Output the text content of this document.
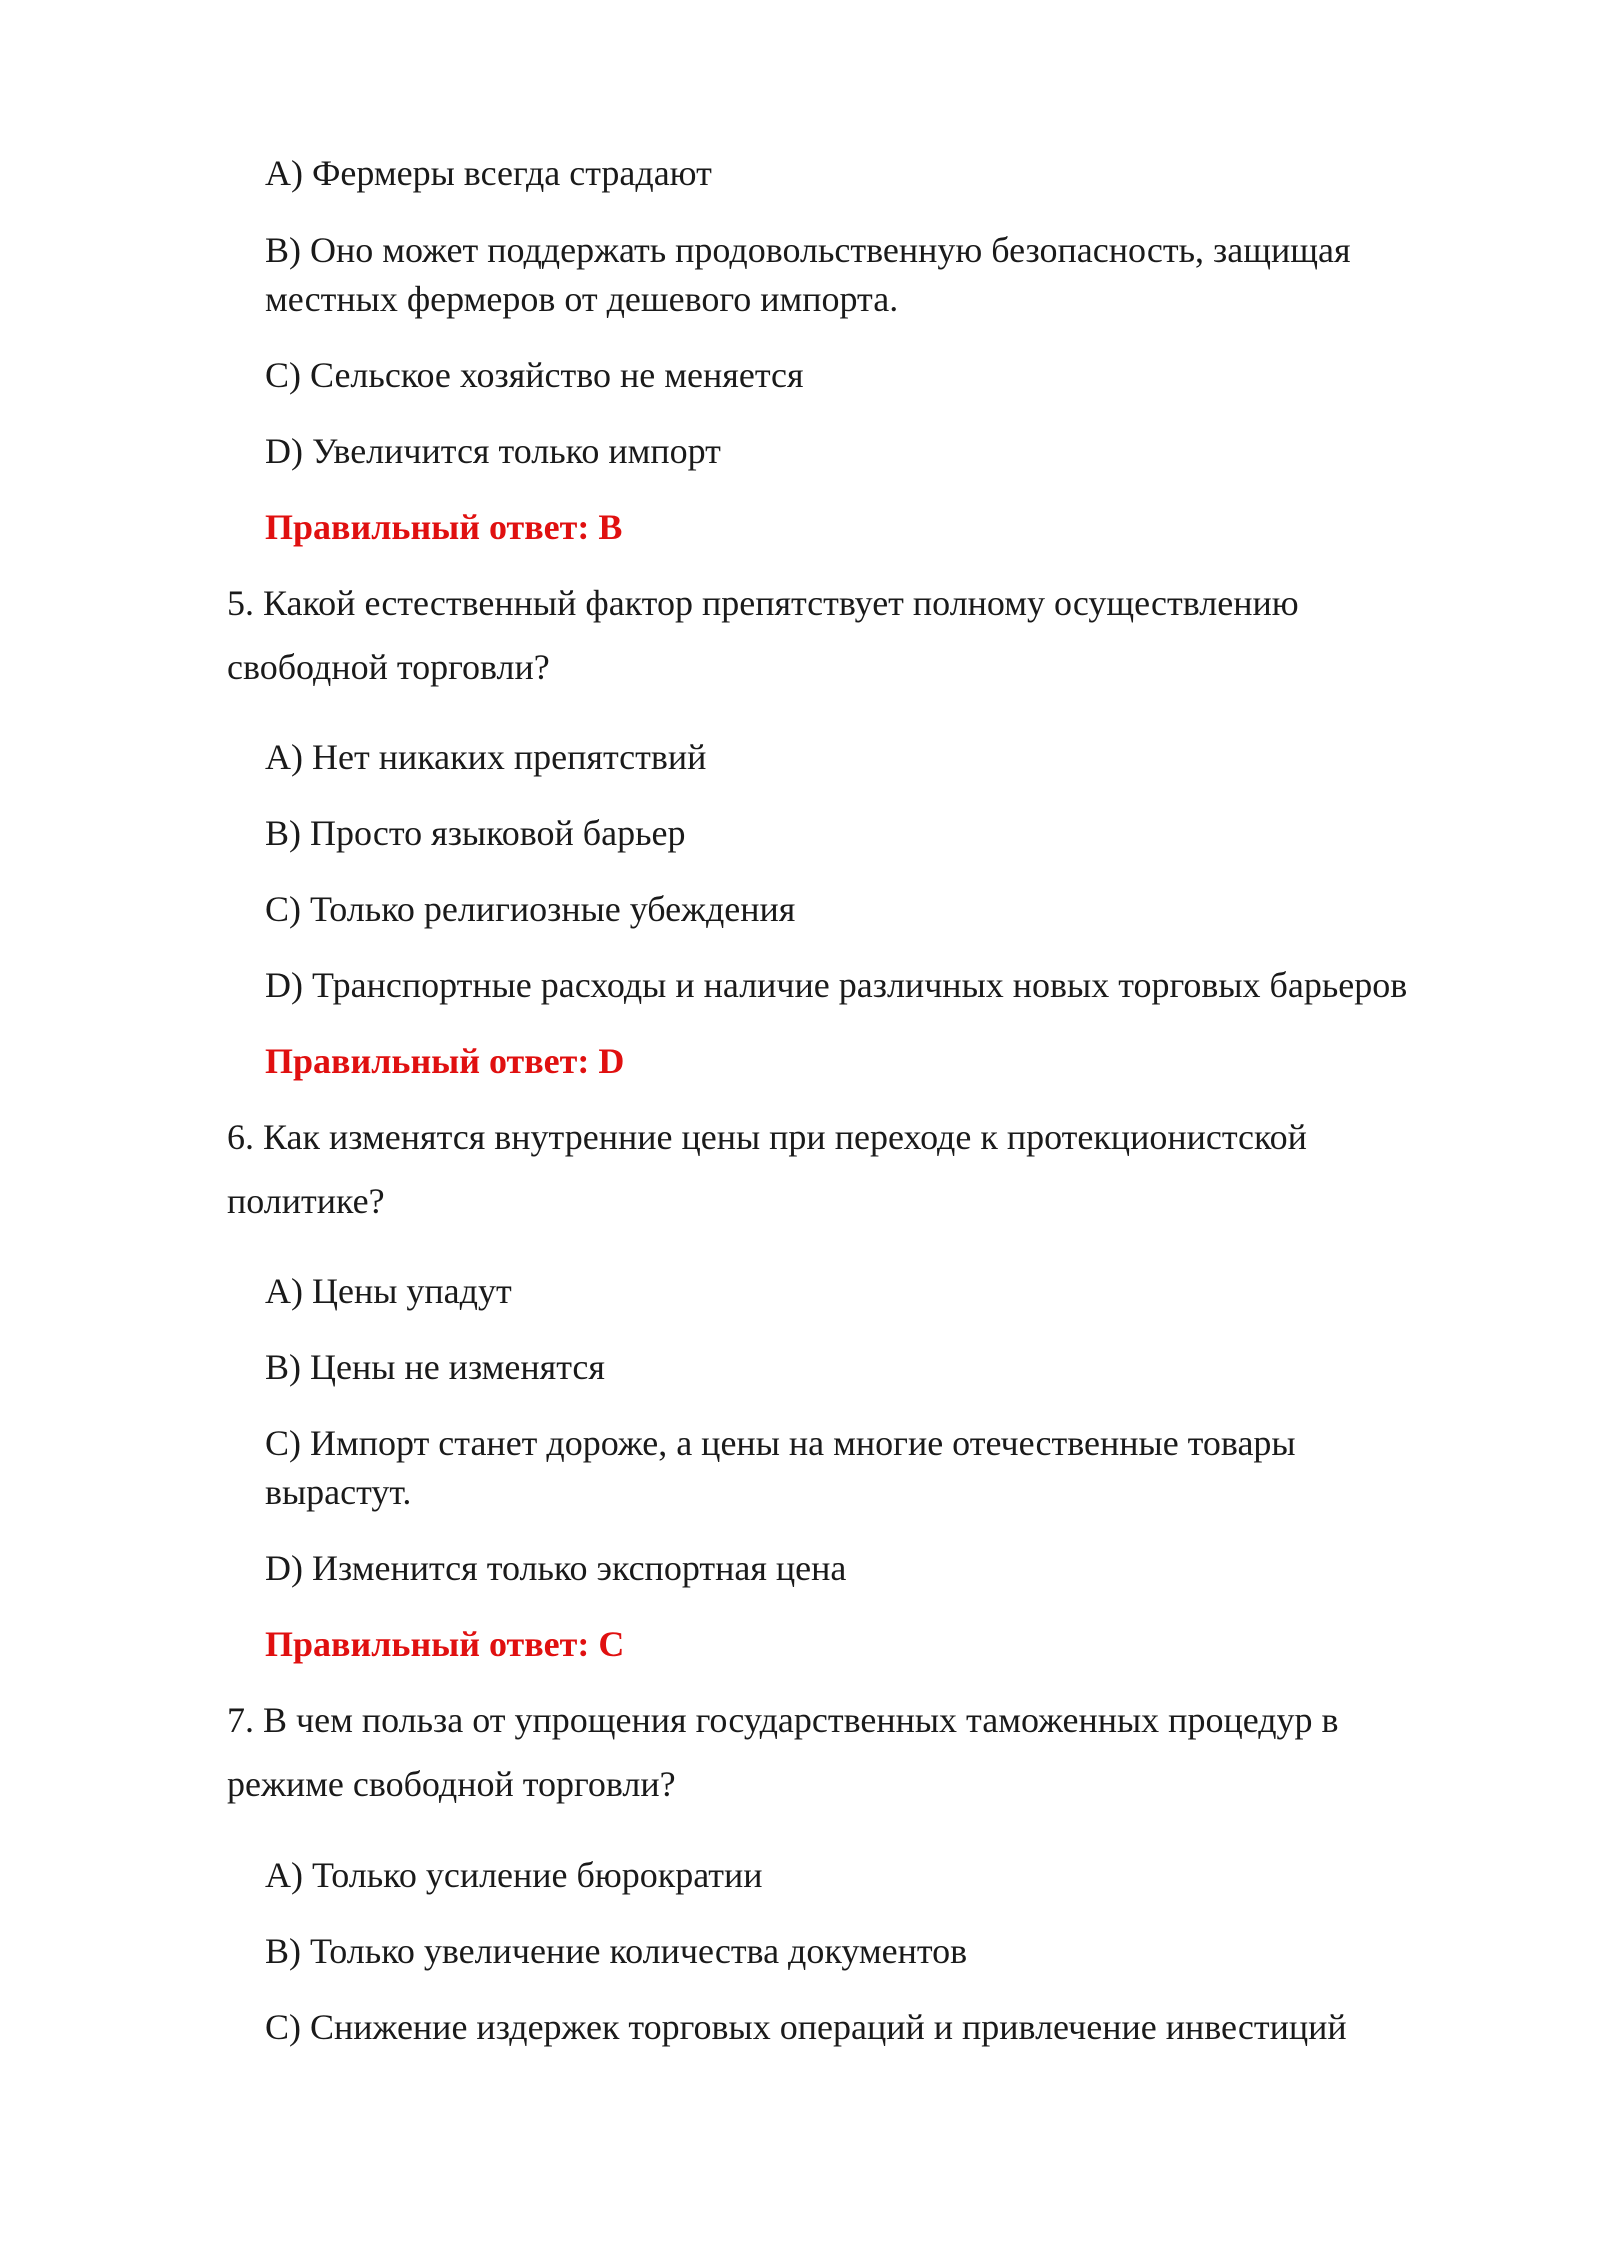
A) Фермеры всегда страдают
B) Оно может поддержать продовольственную безопасность, защищая
местных фермеров от дешевого импорта.
C) Сельское хозяйство не меняется
D) Увеличится только импорт
Правильный ответ: B
5. Какой естественный фактор препятствует полному осуществлению
свободной торговли?
A) Нет никаких препятствий
B) Просто языковой барьер
C) Только религиозные убеждения
D) Транспортные расходы и наличие различных новых торговых барьеров
Правильный ответ: D
6. Как изменятся внутренние цены при переходе к протекционистской
политике?
A) Цены упадут
B) Цены не изменятся
C) Импорт станет дороже, а цены на многие отечественные товары
вырастут.
D) Изменится только экспортная цена
Правильный ответ: C
7. В чем польза от упрощения государственных таможенных процедур в
режиме свободной торговли?
A) Только усиление бюрократии
B) Только увеличение количества документов
C) Снижение издержек торговых операций и привлечение инвестиций
